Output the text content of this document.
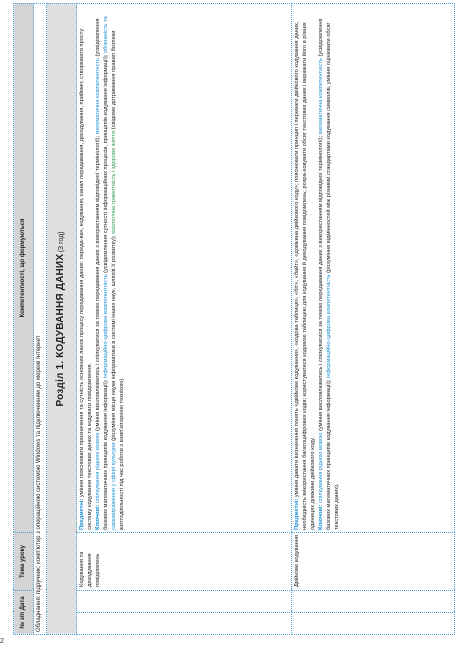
№ з/п Дата		Тема уроку	Компетентності, що формуються
Обладнання: підручник; комп'ютер з операційною системою Windows та підключенням до мережі Інтернет			
Розділ 1. КОДУВАННЯ ДАНИХ (3 год)			
		Кодування та декодування повідомлень	Предметні: уміння пояснювати призначення та сутність основних ланок процесу передавання даних: переда-вач, кодування, канал передавання, декодування, приймач; створювати просту систему кодування текстових даних та кодувати повідомлення. Ключові: спілкування рідною мовою (уміння висловлюватись і спілкуватися за темою передавання даних з використанням відповідної термінології); математична компетентність (усвідомлення базових математичних принципів кодування інформації); інформаційно-цифрова компетентність (усвідомлення сутності інформаційних процесів, принципів кодування інформації); обізнаність та самовираження у сфері культури (розуміння місця науки інформатики в системі інших наук, шляхів її розвитку); екологічна грамотність і здорове життя (свідоме дотримання правил безпеки життєдіяльності під час роботи з комп'ютерною технікою).

		Двійкове кодування	Предметні: уміння давати визначення понять «двійкове кодування», «кодова таблиця», «біт», «байт», «довжина двійкового коду»; пояснювати принцип і переваги двійкового кодування даних, необхідність використання багатоцифрових кодів; користуватися кодовою таблицею для кодування й декодування повідомлень; розра-ховувати обсяг текстових даних і виражати його в різних одиницях довжини двійкового коду. Ключові: спілкування рідною мовою (уміння висловлюватись і спілкуватися за темою передавання даних з використанням відповідної термінології); математична компетентність (усвідомлення базових математичних принципів кодування інформації); інформаційно-цифрова компетентність (розуміння відмінностей між різними стандартами кодування символів, уміння оцінювати обсяг текстових даних).
2
